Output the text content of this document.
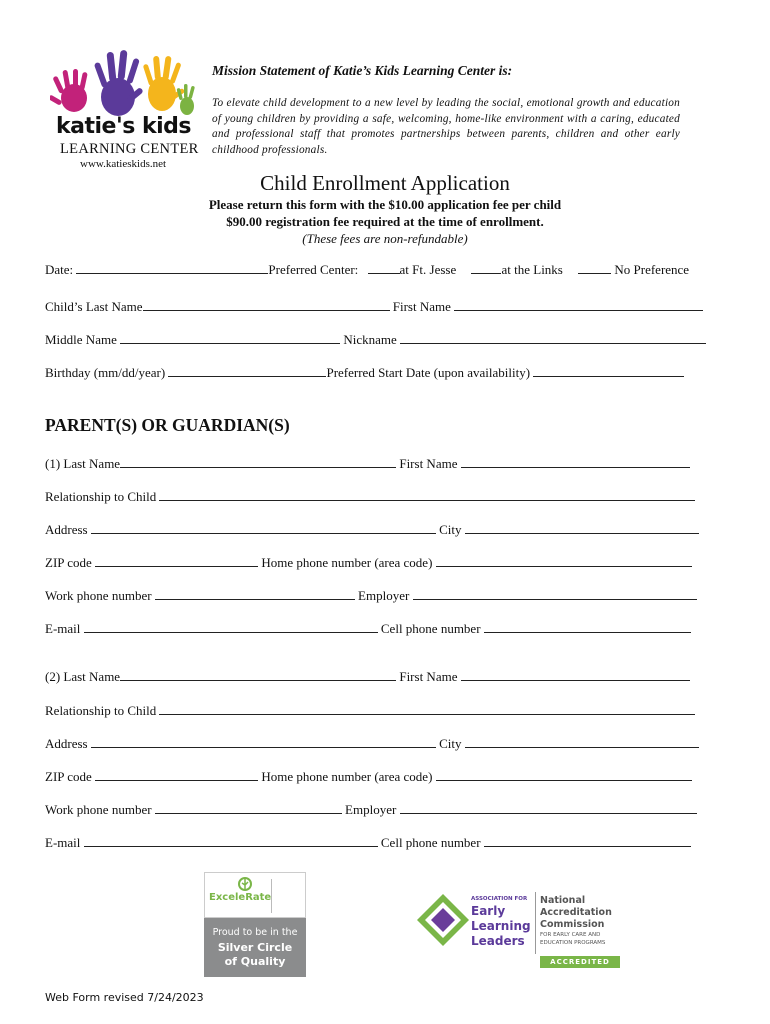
katie's kids
LEARNING CENTER
www.katieskids.net
Mission Statement of Katie’s Kids Learning Center is:
To elevate child development to a new level by leading the social, emotional growth and education of young children by providing a safe, welcoming, home-like environment with a caring, educated and professional staff that promotes partnerships between parents, children and other early childhood professionals.
Child Enrollment Application
Please return this form with the $10.00 application fee per child
$90.00 registration fee required at the time of enrollment.
(These fees are non-refundable)
Date:	Preferred Center:	at Ft. Jesse	at the Links	No Preference
Child’s Last Name	First Name
Middle Name	Nickname
Birthday (mm/dd/year)	Preferred Start Date (upon availability)
PARENT(S) OR GUARDIAN(S)
(1) Last Name	First Name
Relationship to Child
Address	City
ZIP code	Home phone number (area code)
Work phone number	Employer
E-mail	Cell phone number
(2) Last Name	First Name
Relationship to Child
Address	City
ZIP code	Home phone number (area code)
Work phone number	Employer
E-mail	Cell phone number
ExceleRate
Proud to be in the
Silver Circle
of Quality
ASSOCIATION FOR
Early
Learning
Leaders
National
Accreditation
Commission
FOR EARLY CARE AND
EDUCATION PROGRAMS
ACCREDITED
Web Form revised 7/24/2023
